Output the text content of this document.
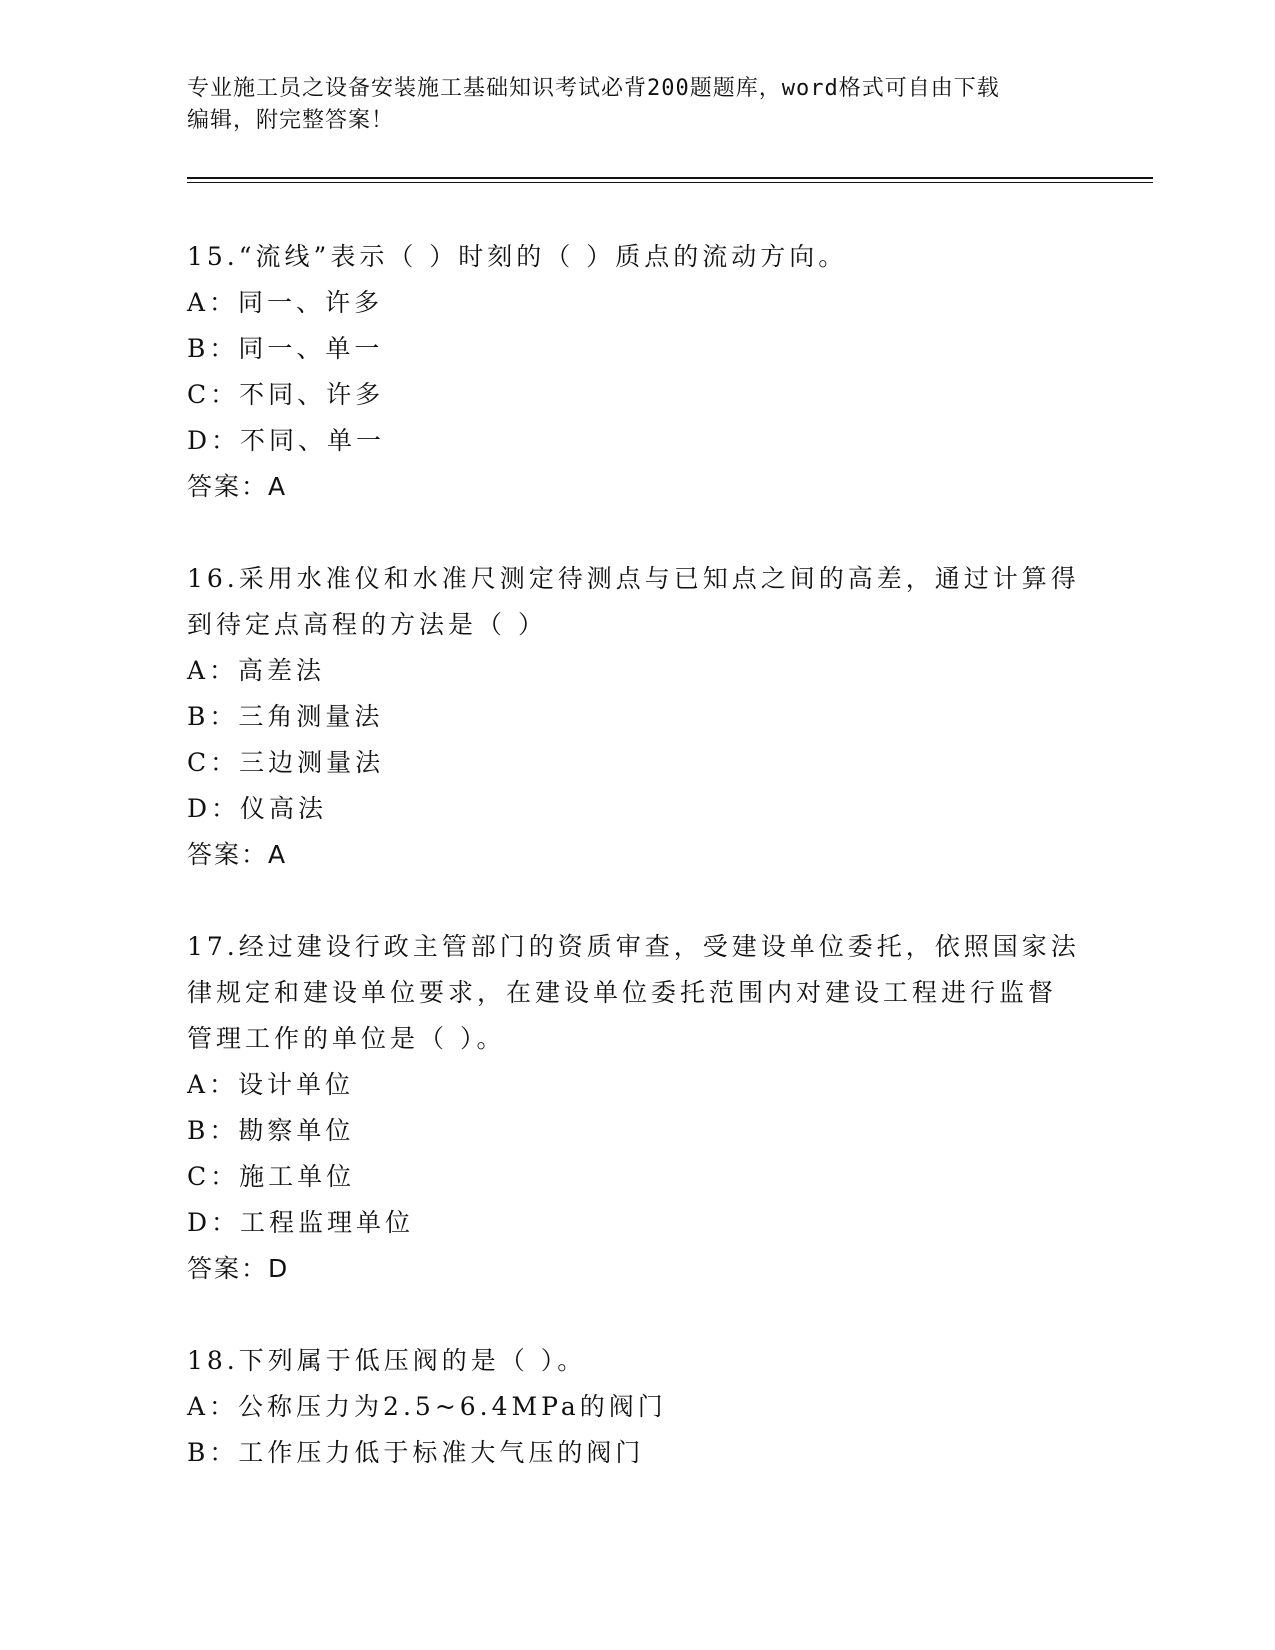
专业施工员之设备安装施工基础知识考试必背200题题库，word格式可自由下载
编辑，附完整答案！
15.“流线”表示（ ）时刻的（ ）质点的流动方向。
A：同一、许多
B：同一、单一
C：不同、许多
D：不同、单一
答案：A
16.采用水准仪和水准尺测定待测点与已知点之间的高差，通过计算得
到待定点高程的方法是（ ）
A：高差法
B：三角测量法
C：三边测量法
D：仪高法
答案：A
17.经过建设行政主管部门的资质审查，受建设单位委托，依照国家法
律规定和建设单位要求，在建设单位委托范围内对建设工程进行监督
管理工作的单位是（ ）。
A：设计单位
B：勘察单位
C：施工单位
D：工程监理单位
答案：D
18.下列属于低压阀的是（ ）。
A：公称压力为2.5~6.4MPa的阀门
B：工作压力低于标准大气压的阀门
